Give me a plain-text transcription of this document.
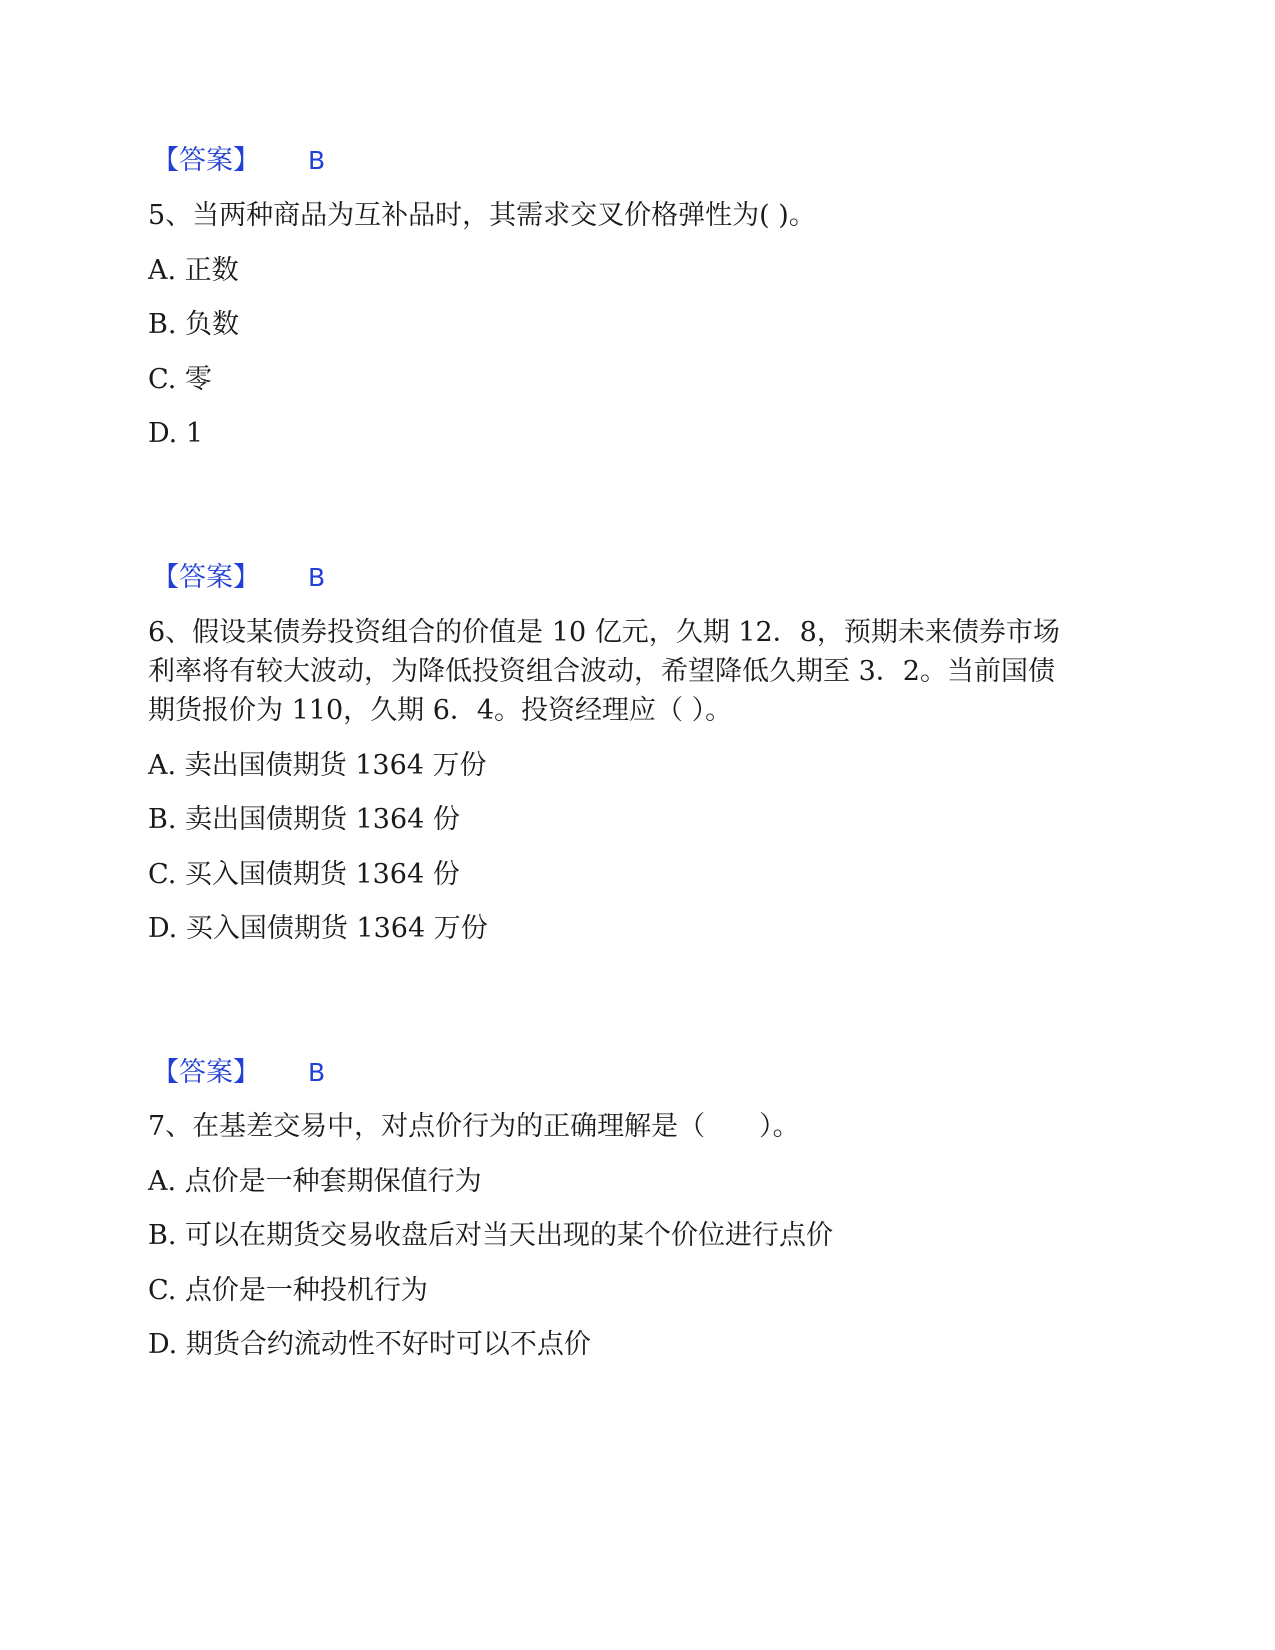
【答案】 B
5、当两种商品为互补品时，其需求交叉价格弹性为( )。
A. 正数
B. 负数
C. 零
D. 1
【答案】 B
6、假设某债券投资组合的价值是 10 亿元，久期 12．8，预期未来债券市场
利率将有较大波动，为降低投资组合波动，希望降低久期至 3．2。当前国债
期货报价为 110，久期 6．4。投资经理应（ ）。
A. 卖出国债期货 1364 万份
B. 卖出国债期货 1364 份
C. 买入国债期货 1364 份
D. 买入国债期货 1364 万份
【答案】 B
7、在基差交易中，对点价行为的正确理解是（　　）。
A. 点价是一种套期保值行为
B. 可以在期货交易收盘后对当天出现的某个价位进行点价
C. 点价是一种投机行为
D. 期货合约流动性不好时可以不点价
